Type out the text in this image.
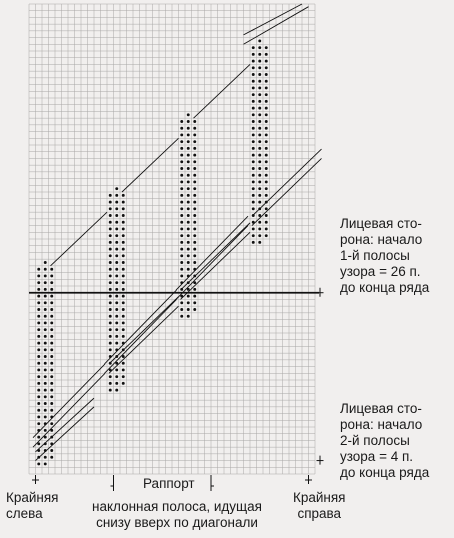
Лицевая сто-
рона: начало
1-й полосы
узора = 26 п.
до конца ряда
Лицевая сто-
рона: начало
2-й полосы
узора = 4 п.
до конца ряда
Крайняя
слева
Крайняя
справа
Раппорт
наклонная полоса, идущая
снизу вверх по диагонали
